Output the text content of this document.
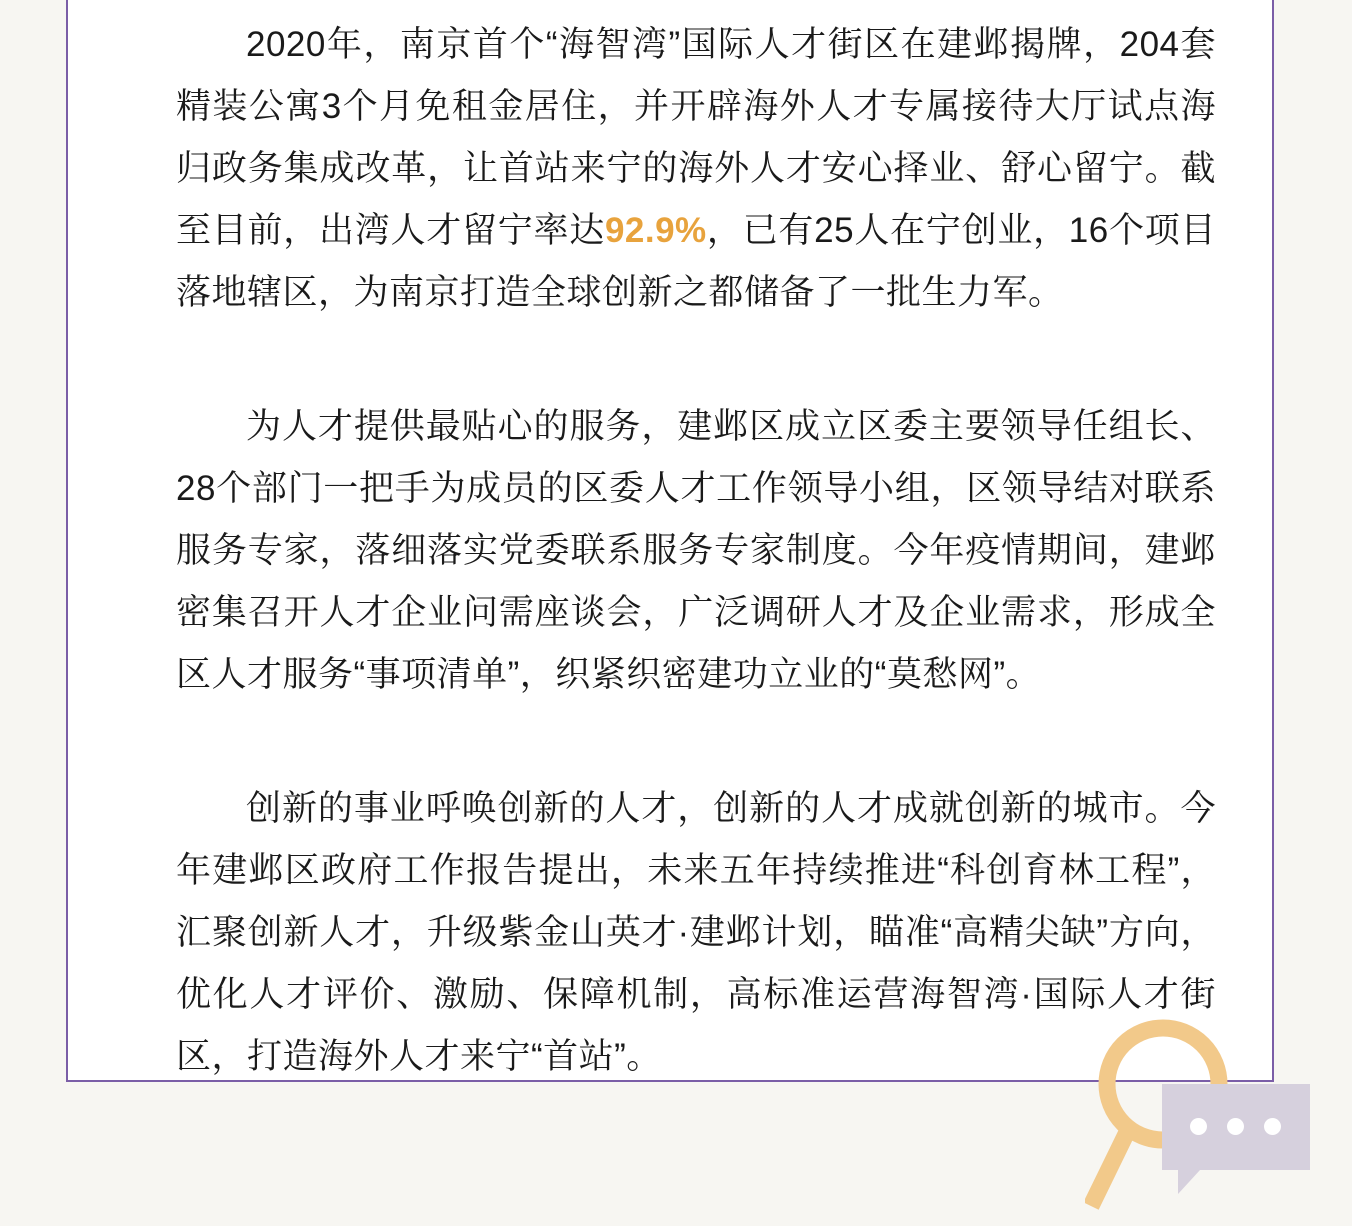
2020年，南京首个“海智湾”国际人才街区在建邺揭牌，204套精装公寓3个月免租金居住，并开辟海外人才专属接待大厅试点海归政务集成改革，让首站来宁的海外人才安心择业、舒心留宁。截至目前，出湾人才留宁率达92.9%，已有25人在宁创业，16个项目落地辖区，为南京打造全球创新之都储备了一批生力军。

为人才提供最贴心的服务，建邺区成立区委主要领导任组长、28个部门一把手为成员的区委人才工作领导小组，区领导结对联系服务专家，落细落实党委联系服务专家制度。今年疫情期间，建邺密集召开人才企业问需座谈会，广泛调研人才及企业需求，形成全区人才服务“事项清单”，织紧织密建功立业的“莫愁网”。

创新的事业呼唤创新的人才，创新的人才成就创新的城市。今年建邺区政府工作报告提出，未来五年持续推进“科创育林工程”，汇聚创新人才，升级紫金山英才·建邺计划，瞄准“高精尖缺”方向，优化人才评价、激励、保障机制，高标准运营海智湾·国际人才街区，打造海外人才来宁“首站”。
